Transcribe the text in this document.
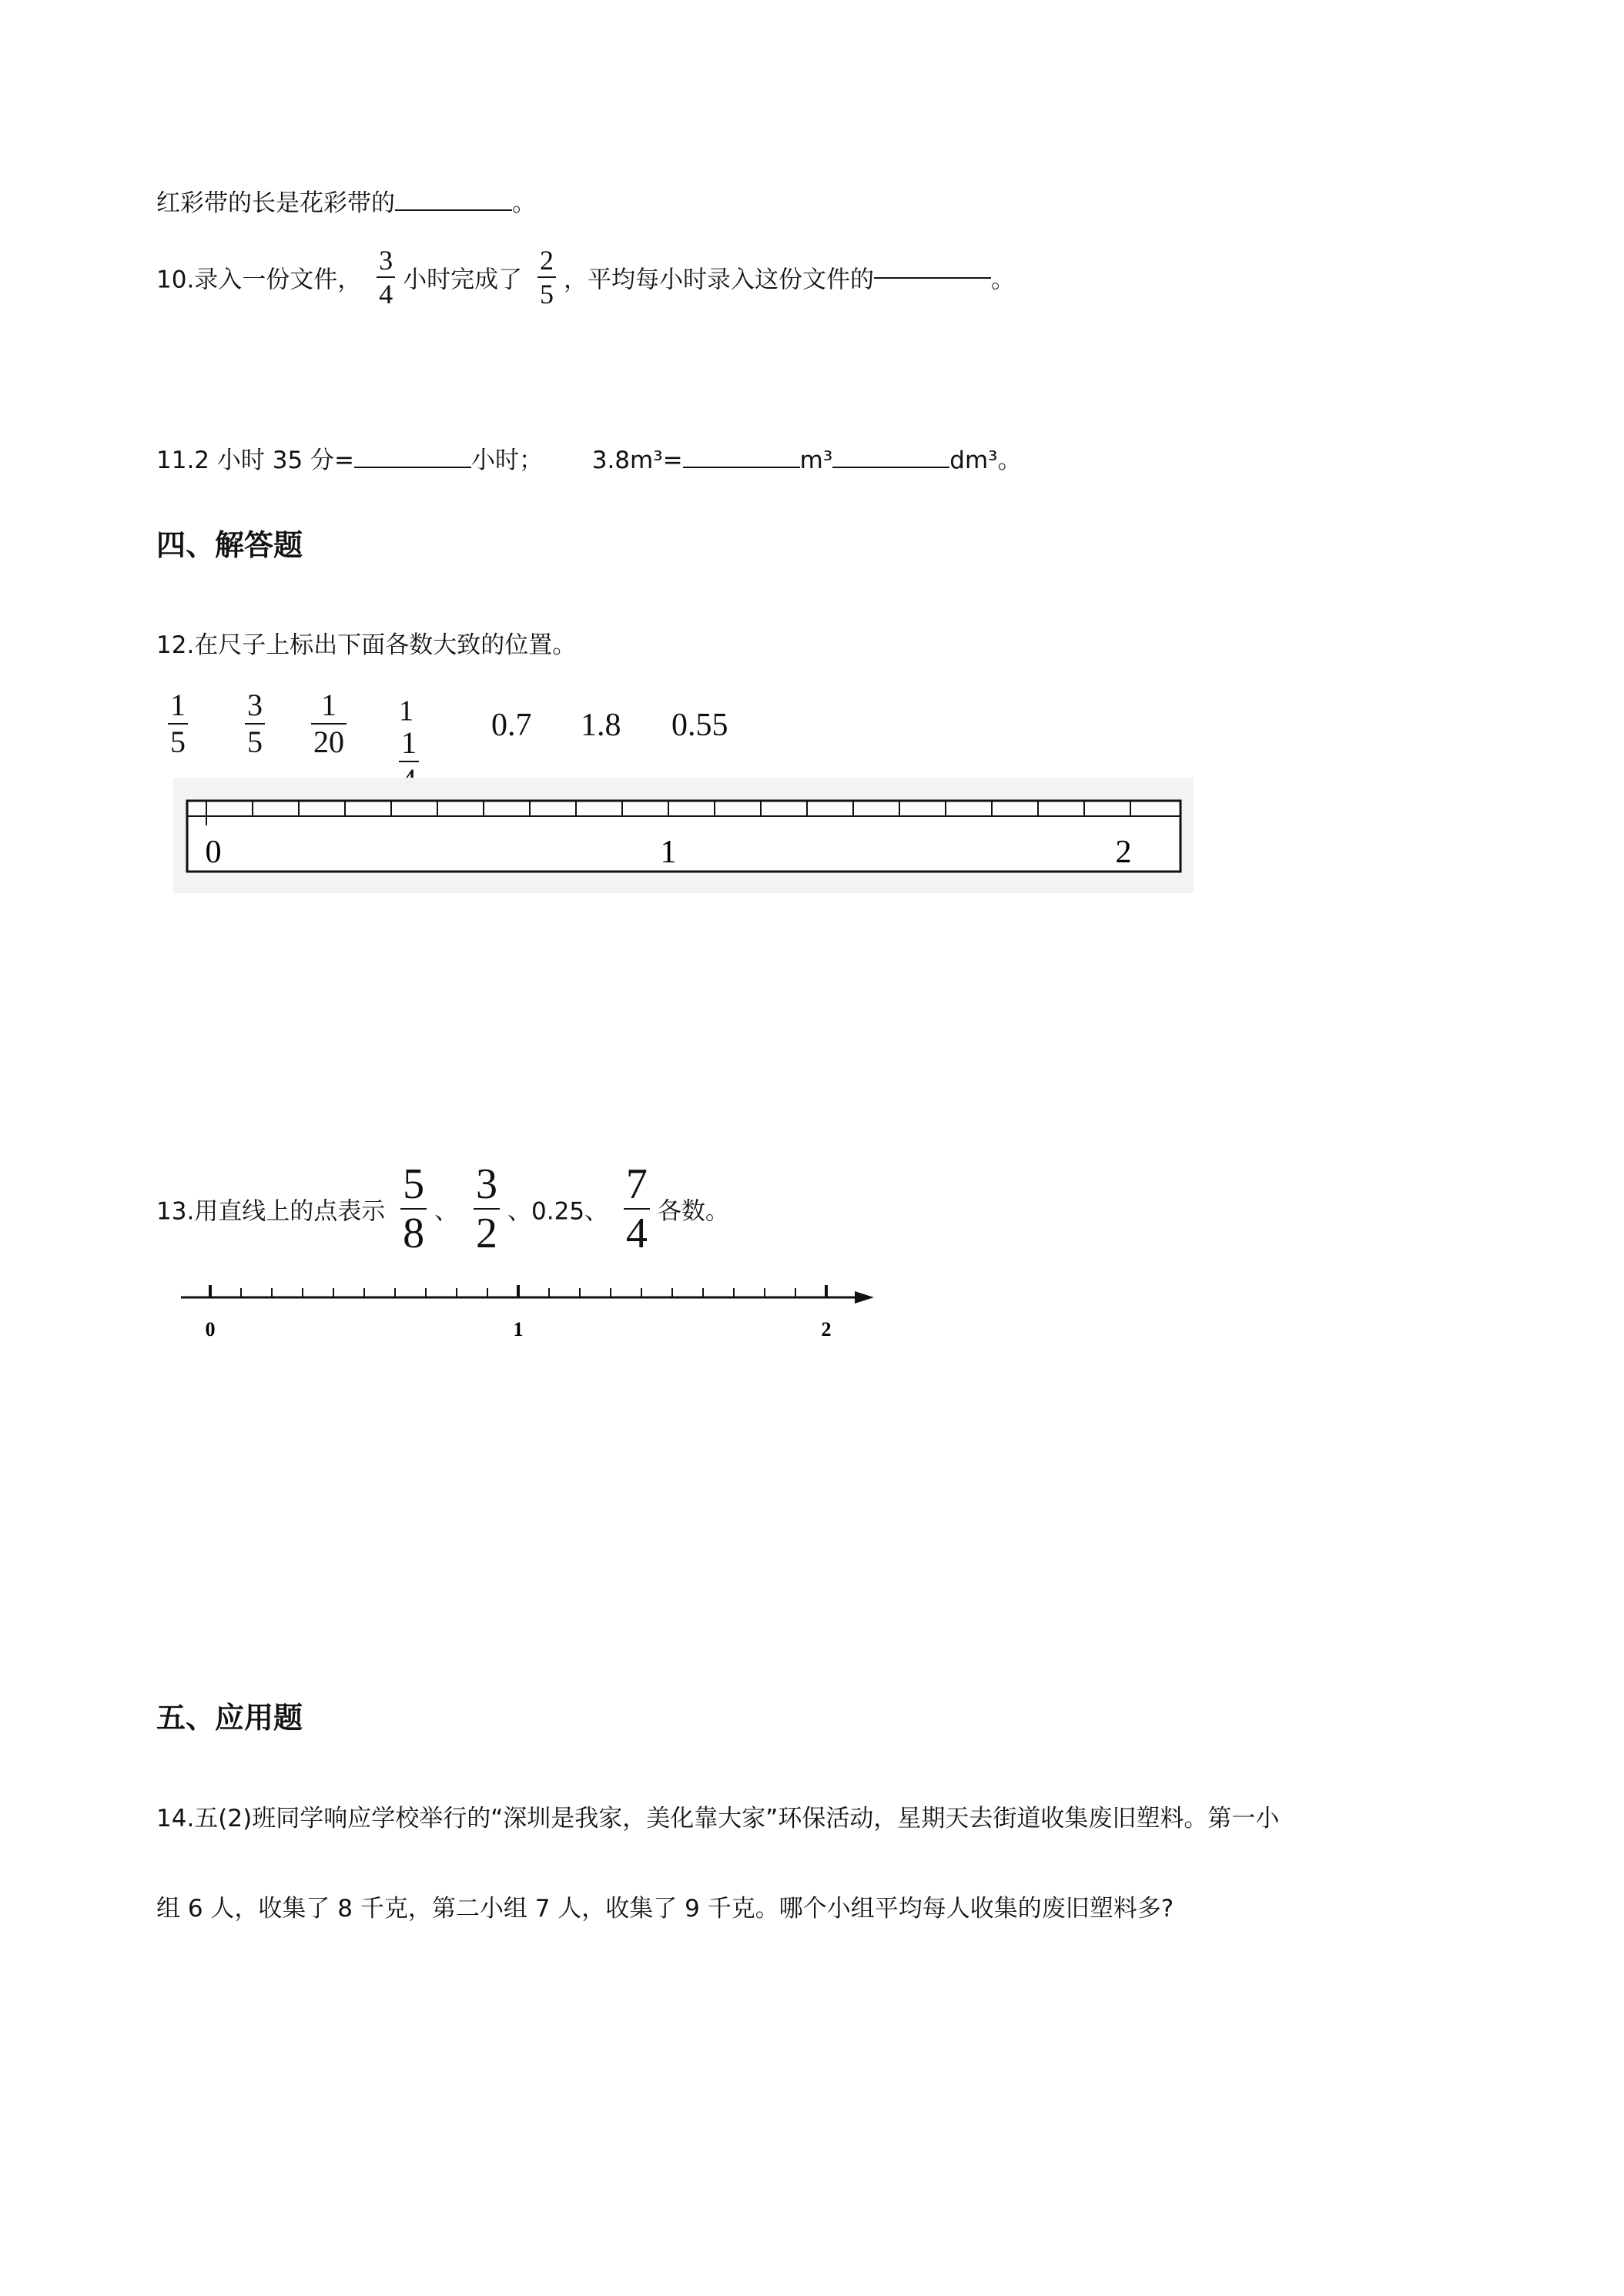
红彩带的长是花彩带的	。
10.录入一份文件， $\frac{3}{4}$ 小时完成了 $\frac{2}{5}$ ，平均每小时录入这份文件的	。
11.2 小时 35 分=	小时； 3.8m³=	m³	dm³。
四、解答题
12.在尺子上标出下面各数大致的位置。
$\frac{1}{5} \frac{3}{5} \frac{1}{20} 1$
1 0.7 1.8 0.55
0	1	2
13.用直线上的点表示 $\frac{5}{8}$ 、 $\frac{3}{2}$ 、0.25、 $\frac{7}{4}$ 各数。
0	1	2
五、应用题
14.五(2)班同学响应学校举行的“深圳是我家，美化靠大家”环保活动，星期天去街道收集废旧塑料。第一小
组 6 人，收集了 8 千克，第二小组 7 人，收集了 9 千克。哪个小组平均每人收集的废旧塑料多?
